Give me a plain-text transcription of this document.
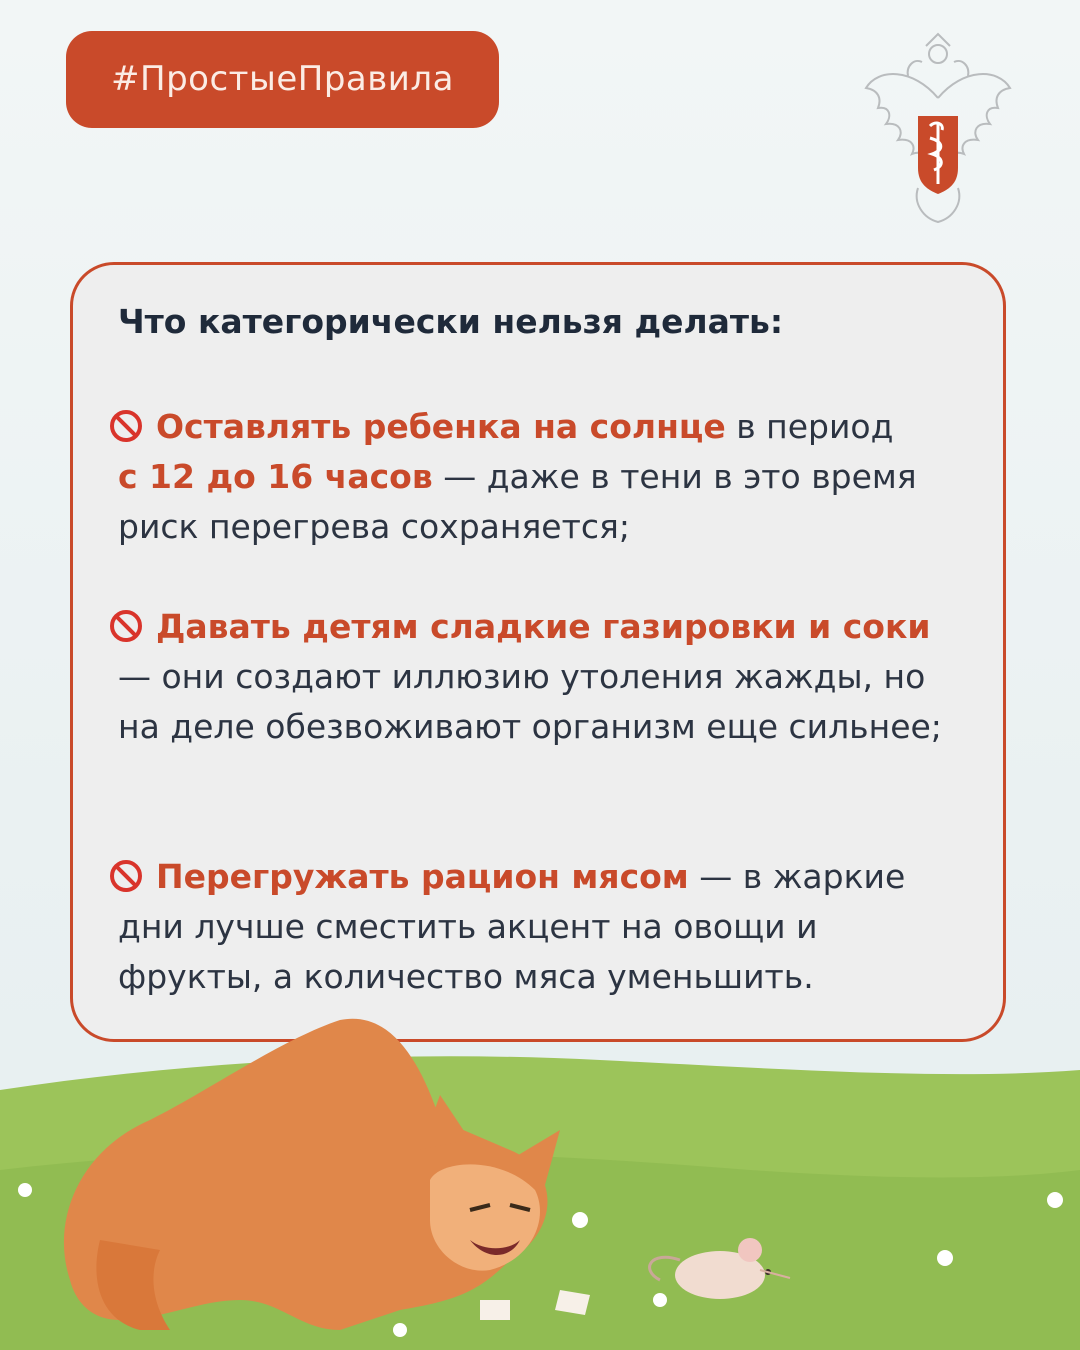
#ПростыеПравила
Что категорически нельзя делать:
Оставлять ребенка на солнце в период
с 12 до 16 часов — даже в тени в это время риск перегрева сохраняется;
Давать детям сладкие газировки и соки — они создают иллюзию утоления жажды, но на деле обезвоживают организм еще сильнее;
Перегружать рацион мясом — в жаркие дни лучше сместить акцент на овощи и фрукты, а количество мяса уменьшить.
